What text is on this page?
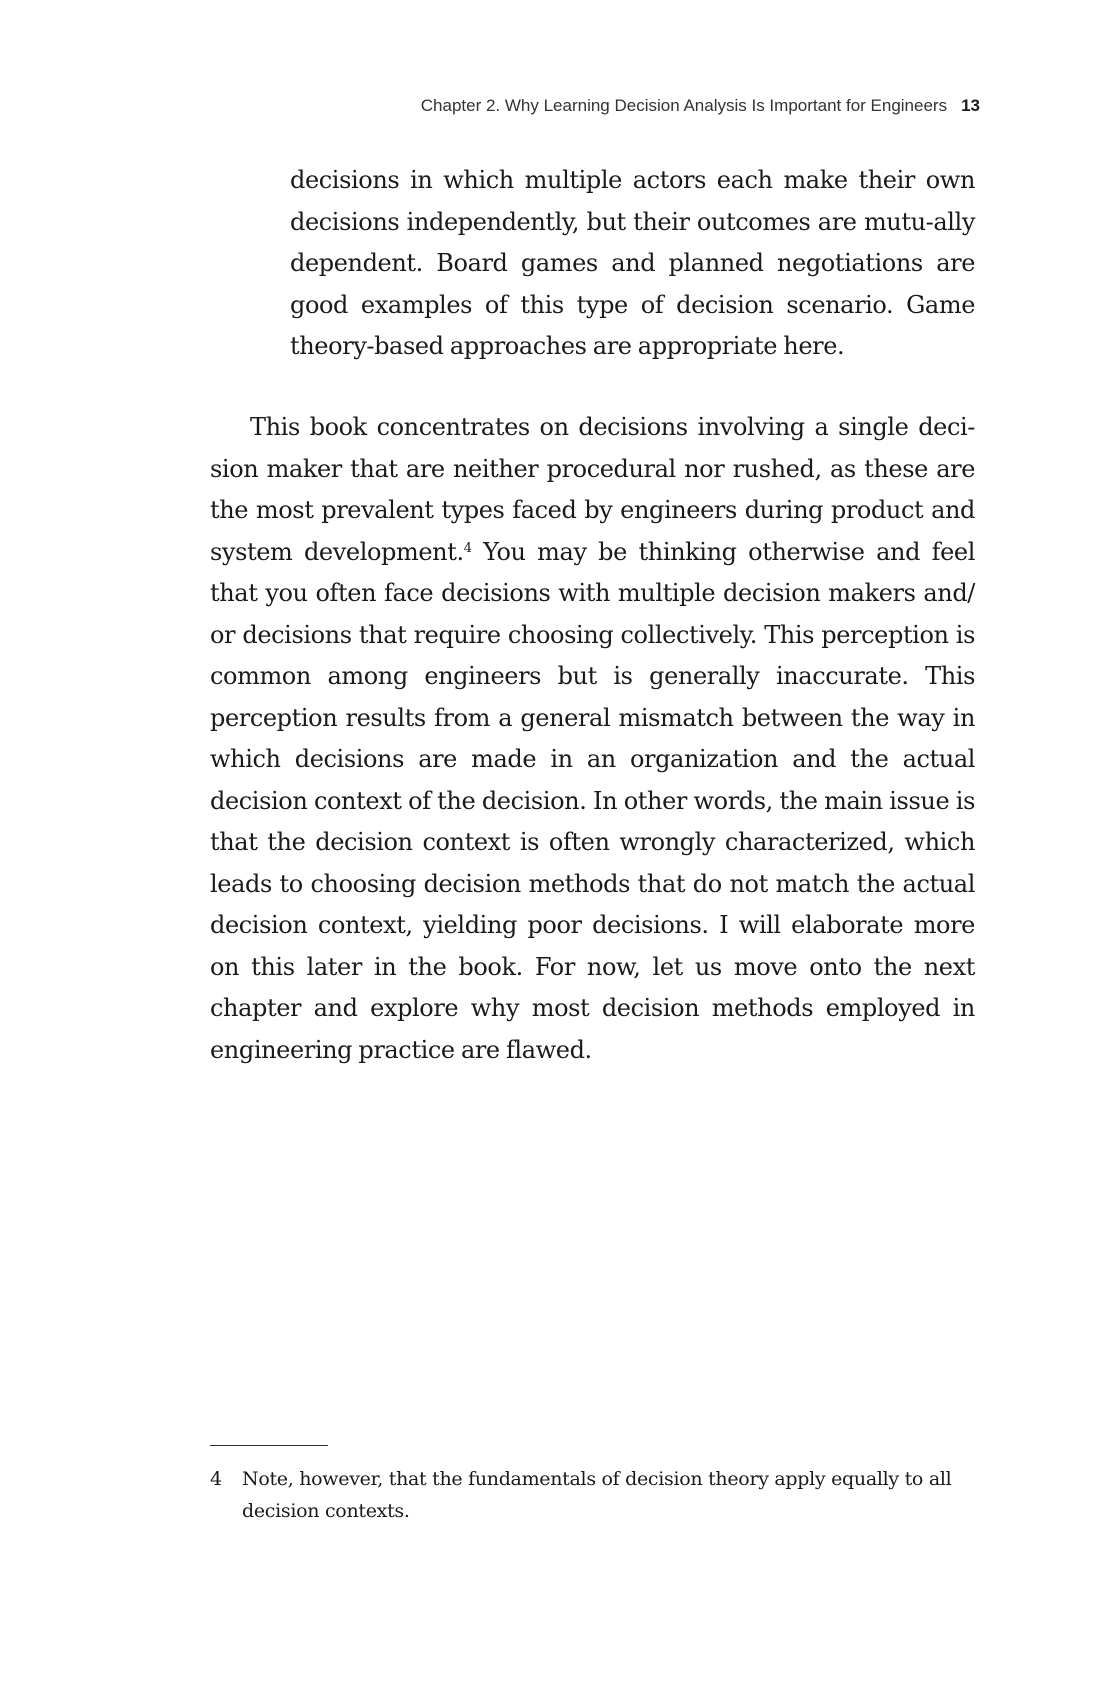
Chapter 2. Why Learning Decision Analysis Is Important for Engineers 13

decisions in which multiple actors each make their own decisions independently, but their outcomes are mutu-ally dependent. Board games and planned negotiations are good examples of this type of decision scenario. Game theory-based approaches are appropriate here.

This book concentrates on decisions involving a single deci-sion maker that are neither procedural nor rushed, as these are the most prevalent types faced by engineers during product and system development.$^4$ You may be thinking otherwise and feel that you often face decisions with multiple decision makers and/ or decisions that require choosing collectively. This perception is common among engineers but is generally inaccurate. This perception results from a general mismatch between the way in which decisions are made in an organization and the actual decision context of the decision. In other words, the main issue is that the decision context is often wrongly characterized, which leads to choosing decision methods that do not match the actual decision context, yielding poor decisions. I will elaborate more on this later in the book. For now, let us move onto the next chapter and explore why most decision methods employed in engineering practice are flawed.

4 Note, however, that the fundamentals of decision theory apply equally to all decision contexts.
